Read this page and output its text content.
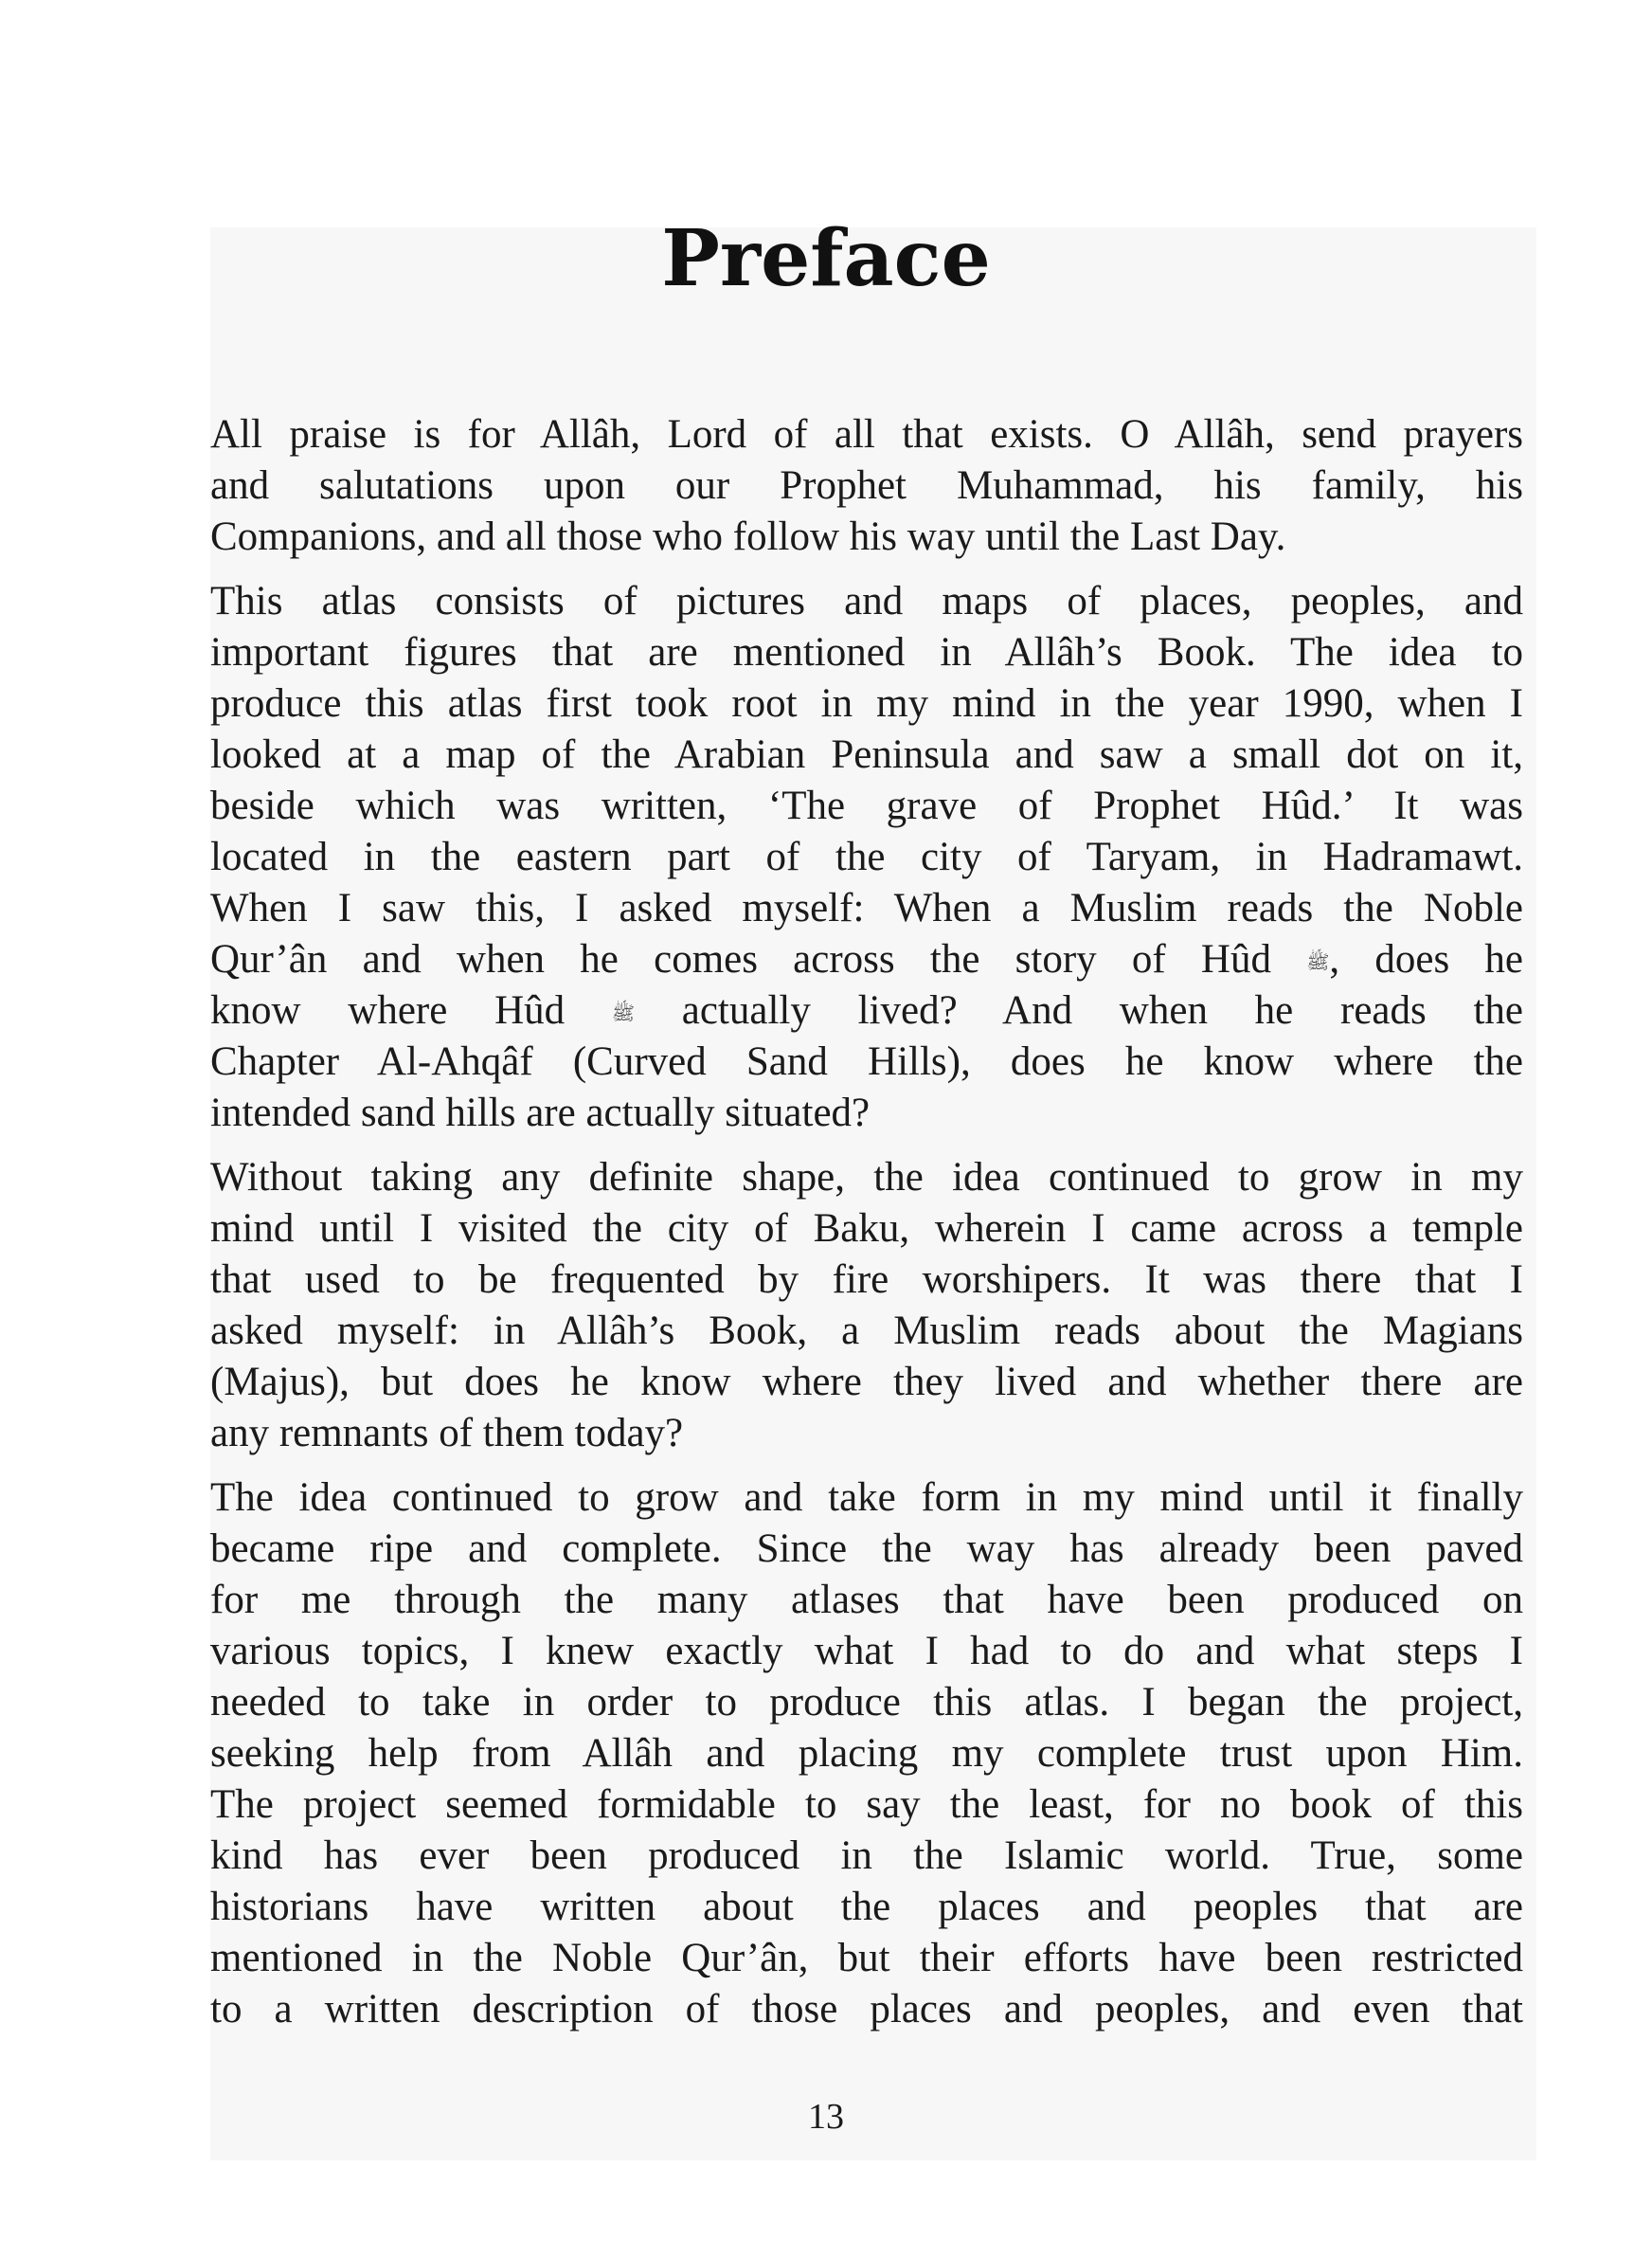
Preface
All praise is for Allâh, Lord of all that exists. O Allâh, send prayers
and salutations upon our Prophet Muhammad, his family, his
Companions, and all those who follow his way until the Last Day.
This atlas consists of pictures and maps of places, peoples, and
important figures that are mentioned in Allâh’s Book. The idea to
produce this atlas first took root in my mind in the year 1990, when I
looked at a map of the Arabian Peninsula and saw a small dot on it,
beside which was written, ‘The grave of Prophet Hûd.’ It was
located in the eastern part of the city of Taryam, in Hadramawt.
When I saw this, I asked myself: When a Muslim reads the Noble
Qur’ân and when he comes across the story of Hûd ﷺ, does he
know where Hûd ﷺ actually lived? And when he reads the
Chapter Al-Ahqâf (Curved Sand Hills), does he know where the
intended sand hills are actually situated?
Without taking any definite shape, the idea continued to grow in my
mind until I visited the city of Baku, wherein I came across a temple
that used to be frequented by fire worshipers. It was there that I
asked myself: in Allâh’s Book, a Muslim reads about the Magians
(Majus), but does he know where they lived and whether there are
any remnants of them today?
The idea continued to grow and take form in my mind until it finally
became ripe and complete. Since the way has already been paved
for me through the many atlases that have been produced on
various topics, I knew exactly what I had to do and what steps I
needed to take in order to produce this atlas. I began the project,
seeking help from Allâh and placing my complete trust upon Him.
The project seemed formidable to say the least, for no book of this
kind has ever been produced in the Islamic world. True, some
historians have written about the places and peoples that are
mentioned in the Noble Qur’ân, but their efforts have been restricted
to a written description of those places and peoples, and even that
13
